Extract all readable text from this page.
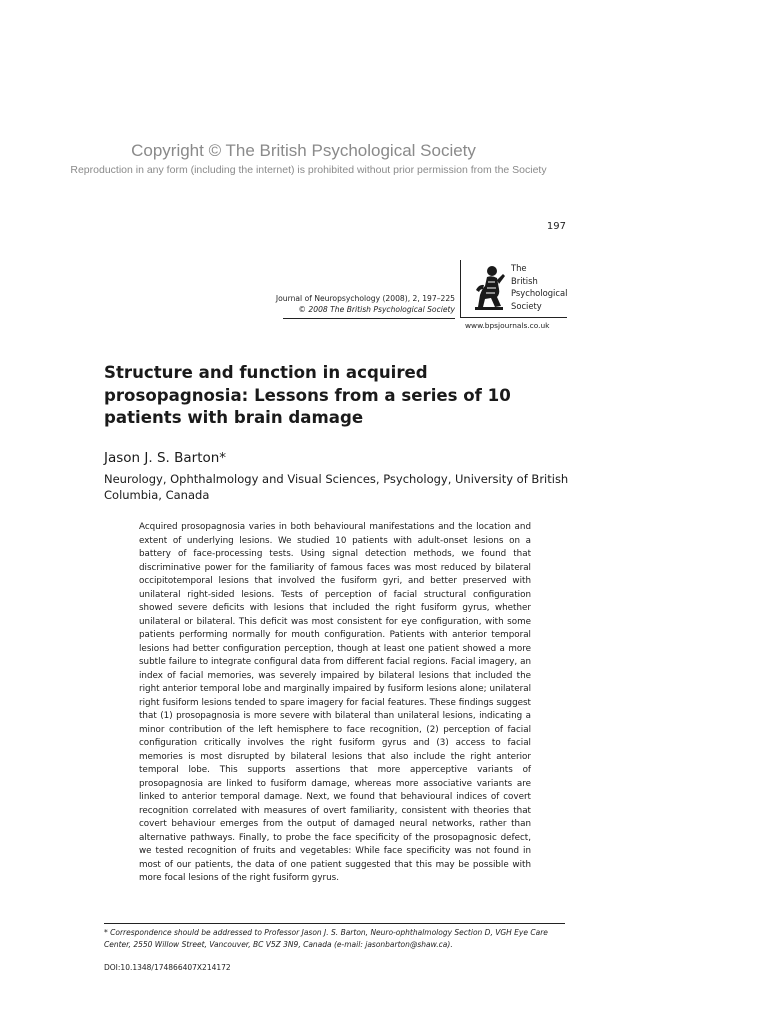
Copyright © The British Psychological Society
Reproduction in any form (including the internet) is prohibited without prior permission from the Society
197
Journal of Neuropsychology (2008), 2, 197–225
© 2008 The British Psychological Society
The
British
Psychological
Society
www.bpsjournals.co.uk
Structure and function in acquired prosopagnosia: Lessons from a series of 10 patients with brain damage
Jason J. S. Barton*
Neurology, Ophthalmology and Visual Sciences, Psychology, University of British Columbia, Canada

Acquired prosopagnosia varies in both behavioural manifestations and the location and extent of underlying lesions. We studied 10 patients with adult-onset lesions on a battery of face-processing tests. Using signal detection methods, we found that discriminative power for the familiarity of famous faces was most reduced by bilateral occipitotemporal lesions that involved the fusiform gyri, and better preserved with unilateral right-sided lesions. Tests of perception of facial structural configuration showed severe deficits with lesions that included the right fusiform gyrus, whether unilateral or bilateral. This deficit was most consistent for eye configuration, with some patients performing normally for mouth configuration. Patients with anterior temporal lesions had better configuration perception, though at least one patient showed a more subtle failure to integrate configural data from different facial regions. Facial imagery, an index of facial memories, was severely impaired by bilateral lesions that included the right anterior temporal lobe and marginally impaired by fusiform lesions alone; unilateral right fusiform lesions tended to spare imagery for facial features. These findings suggest that (1) prosopagnosia is more severe with bilateral than unilateral lesions, indicating a minor contribution of the left hemisphere to face recognition, (2) perception of facial configuration critically involves the right fusiform gyrus and (3) access to facial memories is most disrupted by bilateral lesions that also include the right anterior temporal lobe. This supports assertions that more apperceptive variants of prosopagnosia are linked to fusiform damage, whereas more associative variants are linked to anterior temporal damage. Next, we found that behavioural indices of covert recognition correlated with measures of overt familiarity, consistent with theories that covert behaviour emerges from the output of damaged neural networks, rather than alternative pathways. Finally, to probe the face specificity of the prosopagnosic defect, we tested recognition of fruits and vegetables: While face specificity was not found in most of our patients, the data of one patient suggested that this may be possible with more focal lesions of the right fusiform gyrus.

* Correspondence should be addressed to Professor Jason J. S. Barton, Neuro-ophthalmology Section D, VGH Eye Care Center, 2550 Willow Street, Vancouver, BC V5Z 3N9, Canada (e-mail: jasonbarton@shaw.ca).
DOI:10.1348/174866407X214172
